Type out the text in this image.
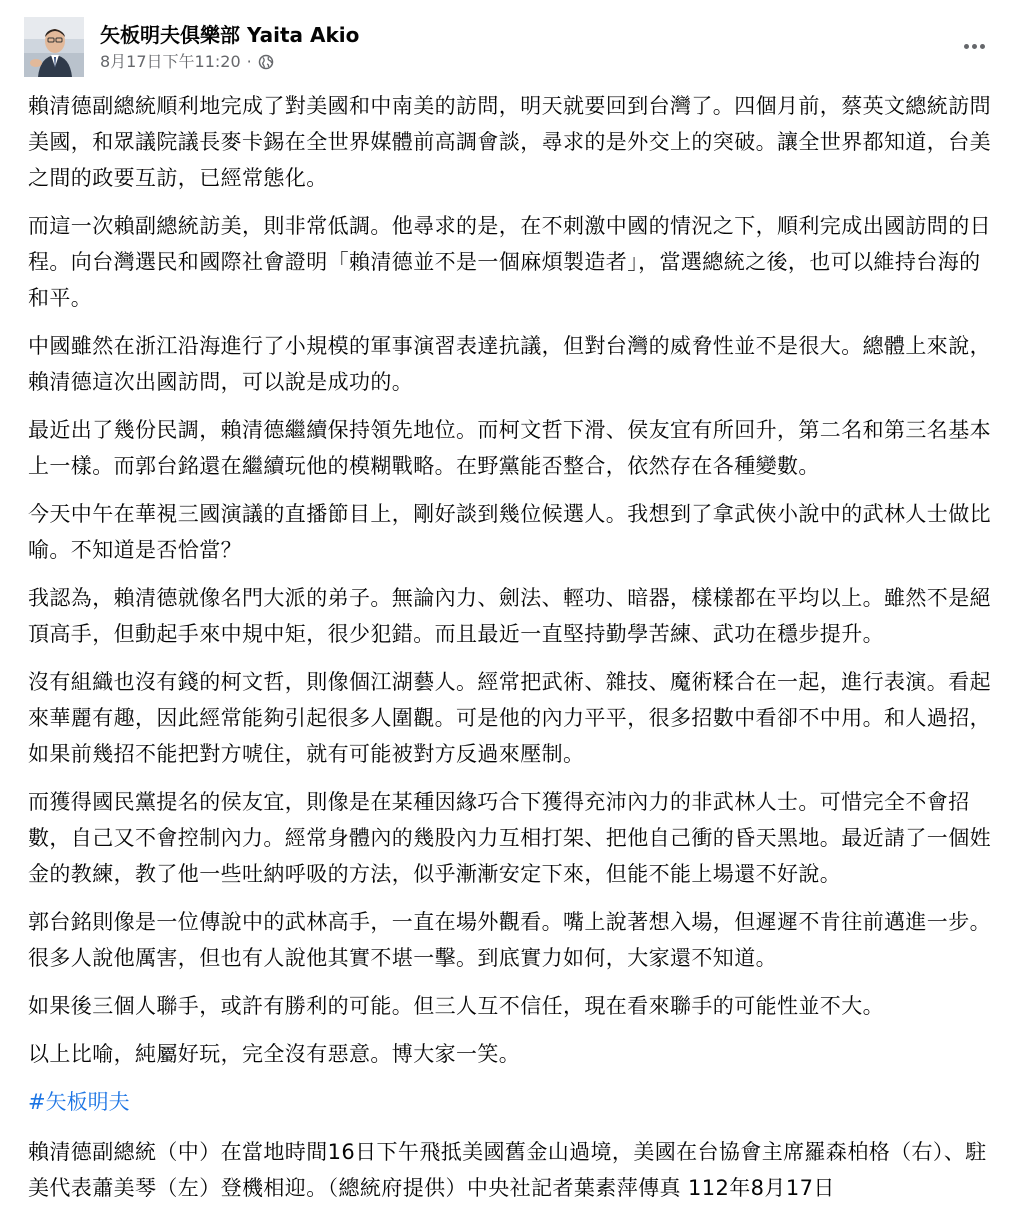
矢板明夫俱樂部 Yaita Akio
8月17日下午11:20 ·

賴清德副總統順利地完成了對美國和中南美的訪問，明天就要回到台灣了。四個月前，蔡英文總統訪問美國，和眾議院議長麥卡錫在全世界媒體前高調會談，尋求的是外交上的突破。讓全世界都知道，台美之間的政要互訪，已經常態化。

而這一次賴副總統訪美，則非常低調。他尋求的是，在不刺激中國的情況之下，順利完成出國訪問的日程。向台灣選民和國際社會證明「賴清德並不是一個麻煩製造者」，當選總統之後，也可以維持台海的和平。

中國雖然在浙江沿海進行了小規模的軍事演習表達抗議，但對台灣的威脅性並不是很大。總體上來說，賴清德這次出國訪問，可以說是成功的。

最近出了幾份民調，賴清德繼續保持領先地位。而柯文哲下滑、侯友宜有所回升，第二名和第三名基本上一樣。而郭台銘還在繼續玩他的模糊戰略。在野黨能否整合，依然存在各種變數。

今天中午在華視三國演議的直播節目上，剛好談到幾位候選人。我想到了拿武俠小說中的武林人士做比喻。不知道是否恰當？

我認為，賴清德就像名門大派的弟子。無論內力、劍法、輕功、暗器，樣樣都在平均以上。雖然不是絕頂高手，但動起手來中規中矩，很少犯錯。而且最近一直堅持勤學苦練、武功在穩步提升。

沒有組織也沒有錢的柯文哲，則像個江湖藝人。經常把武術、雜技、魔術糅合在一起，進行表演。看起來華麗有趣，因此經常能夠引起很多人圍觀。可是他的內力平平，很多招數中看卻不中用。和人過招，如果前幾招不能把對方唬住，就有可能被對方反過來壓制。

而獲得國民黨提名的侯友宜，則像是在某種因緣巧合下獲得充沛內力的非武林人士。可惜完全不會招數，自己又不會控制內力。經常身體內的幾股內力互相打架、把他自己衝的昏天黑地。最近請了一個姓金的教練，教了他一些吐納呼吸的方法，似乎漸漸安定下來，但能不能上場還不好說。

郭台銘則像是一位傳說中的武林高手，一直在場外觀看。嘴上說著想入場，但遲遲不肯往前邁進一步。很多人說他厲害，但也有人說他其實不堪一擊。到底實力如何，大家還不知道。

如果後三個人聯手，或許有勝利的可能。但三人互不信任，現在看來聯手的可能性並不大。

以上比喻，純屬好玩，完全沒有惡意。博大家一笑。

#矢板明夫

賴清德副總統（中）在當地時間16日下午飛抵美國舊金山過境，美國在台協會主席羅森柏格（右）、駐美代表蕭美琴（左）登機相迎。（總統府提供）中央社記者葉素萍傳真 112年8月17日
